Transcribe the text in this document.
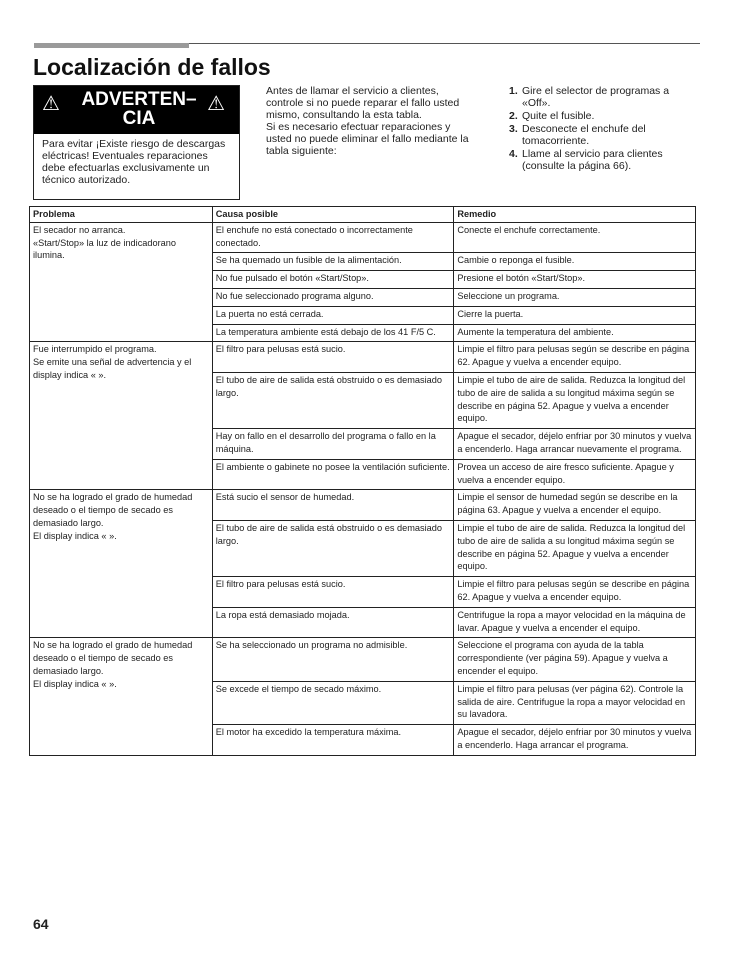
Localización de fallos
⚠	ADVERTEN– CIA
⚠
Para evitar ¡Existe riesgo de descargas eléctricas! Eventuales reparaciones debe efectuarlas exclusivamente un técnico autorizado.
Antes de llamar el servicio a clientes, controle si no puede reparar el fallo usted mismo, consultando la esta tabla.
Si es necesario efectuar reparaciones y usted no puede eliminar el fallo mediante la tabla siguiente:
1. Gire el selector de programas a «Off».
2. Quite el fusible.
3. Desconecte el enchufe del tomacorriente.
4. Llame al servicio para clientes (consulte la página 66).
Problema	Causa posible	Remedio

El secador no arranca.
«Start/Stop» la luz de indicadorano ilumina.	El enchufe no está conectado o incorrectamente conectado.	Conecte el enchufe correctamente.
	Se ha quemado un fusible de la alimentación.	Cambie o reponga el fusible.
	No fue pulsado el botón «Start/Stop».	Presione el botón «Start/Stop».
	No fue seleccionado programa alguno.	Seleccione un programa.
	La puerta no está cerrada.	Cierre la puerta.
	La temperatura ambiente está debajo de los 41 F/5 C.	Aumente la temperatura del ambiente.

Fue interrumpido el programa.
Se emite una señal de advertencia y el display indica « ».	El filtro para pelusas está sucio.	Limpie el filtro para pelusas según se describe en página 62. Apague y vuelva a encender equipo.
	El tubo de aire de salida está obstruido o es demasiado largo.	Limpie el tubo de aire de salida. Reduzca la longitud del tubo de aire de salida a su longitud máxima según se describe en página 52. Apague y vuelva a encender equipo.
	Hay on fallo en el desarrollo del programa o fallo en la máquina.	Apague el secador, déjelo enfriar por 30 minutos y vuelva a encenderlo. Haga arrancar nuevamente el programa.
	El ambiente o gabinete no posee la ventilación suficiente.	Provea un acceso de aire fresco suficiente. Apague y vuelva a encender equipo.

No se ha logrado el grado de humedad deseado o el tiempo de secado es demasiado largo.
El display indica « ».	Está sucio el sensor de humedad.	Limpie el sensor de humedad según se describe en la página 63. Apague y vuelva a encender el equipo.
	El tubo de aire de salida está obstruido o es demasiado largo.	Limpie el tubo de aire de salida. Reduzca la longitud del tubo de aire de salida a su longitud máxima según se describe en página 52. Apague y vuelva a encender equipo.
	El filtro para pelusas está sucio.	Limpie el filtro para pelusas según se describe en página 62. Apague y vuelva a encender equipo.
	La ropa está demasiado mojada.	Centrifugue la ropa a mayor velocidad en la máquina de lavar. Apague y vuelva a encender el equipo.

No se ha logrado el grado de humedad deseado o el tiempo de secado es demasiado largo.
El display indica « ».	Se ha seleccionado un programa no admisible.	Seleccione el programa con ayuda de la tabla correspondiente (ver página 59). Apague y vuelva a encender el equipo.
	Se excede el tiempo de secado máximo.	Limpie el filtro para pelusas (ver página 62). Controle la salida de aire. Centrifugue la ropa a mayor velocidad en su lavadora.
	El motor ha excedido la temperatura máxima.	Apague el secador, déjelo enfriar por 30 minutos y vuelva a encenderlo. Haga arrancar el programa.
64
